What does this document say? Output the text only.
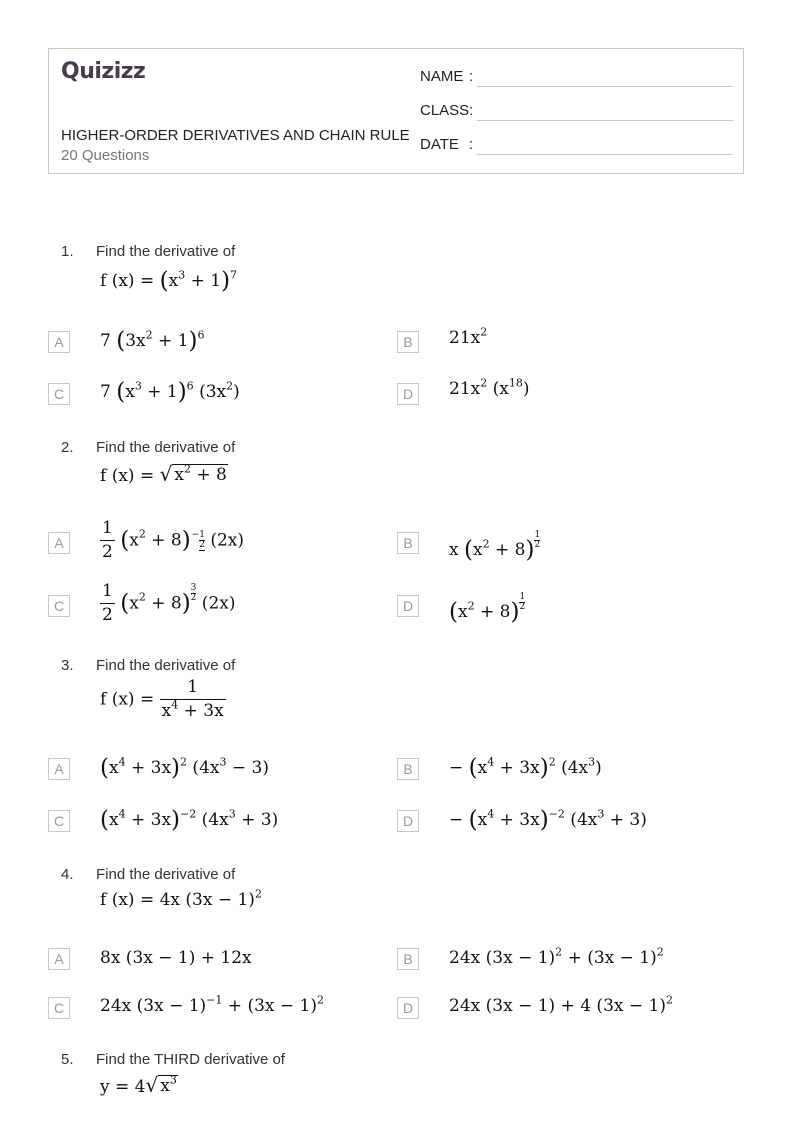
Quizizz
HIGHER-ORDER DERIVATIVES AND CHAIN RULE
20 Questions
NAME :
CLASS :
DATE :
1. Find the derivative of
f $(x) = (x^3 + 1)^7$
A	7 $(3x^2 + 1)^6$	B	$21x^2$
C	7 $(x^3 + 1)^6$ $(3x^2)$	D	$21x^2$ $(x^{18})$
2. Find the derivative of
f (x) = √ $x^2 + 8$
A	$\frac{1}{2} (x^2 + 8)- \frac{1}{2} (2x)$	B	x $(x^2 + 8) \frac{1}{2}$
C	$\frac{1}{2} (x^2 + 8) \frac{3}{2} (2x)$	D $(x^2 + 8) \frac{1}{2}$
3. Find the derivative of
f $(x) = \frac{1}{x^4 + 3x}$
A $(x^4 + 3x)^2$ $(4x^3 - 3)$	B	− $(x^4 + 3x)^2$ $(4x^3)$
C $(x^4 + 3x)^{-2}$ $(4x^3 + 3)$	D	− $(x^4 + 3x)^{-2}$ $(4x^3 + 3)$
4. Find the derivative of
f (x) = 4x $(3x - 1)^2$
A	8x (3x − 1) + 12x	B	24x $(3x - 1)^2 + (3x - 1)^2$
C	24x $(3x - 1)^{-1} + (3x - 1)^2$
D	24x (3x − 1) + 4 $(3x - 1)^2$
5. Find the THIRD derivative of
y = 4 √ $x^3$
